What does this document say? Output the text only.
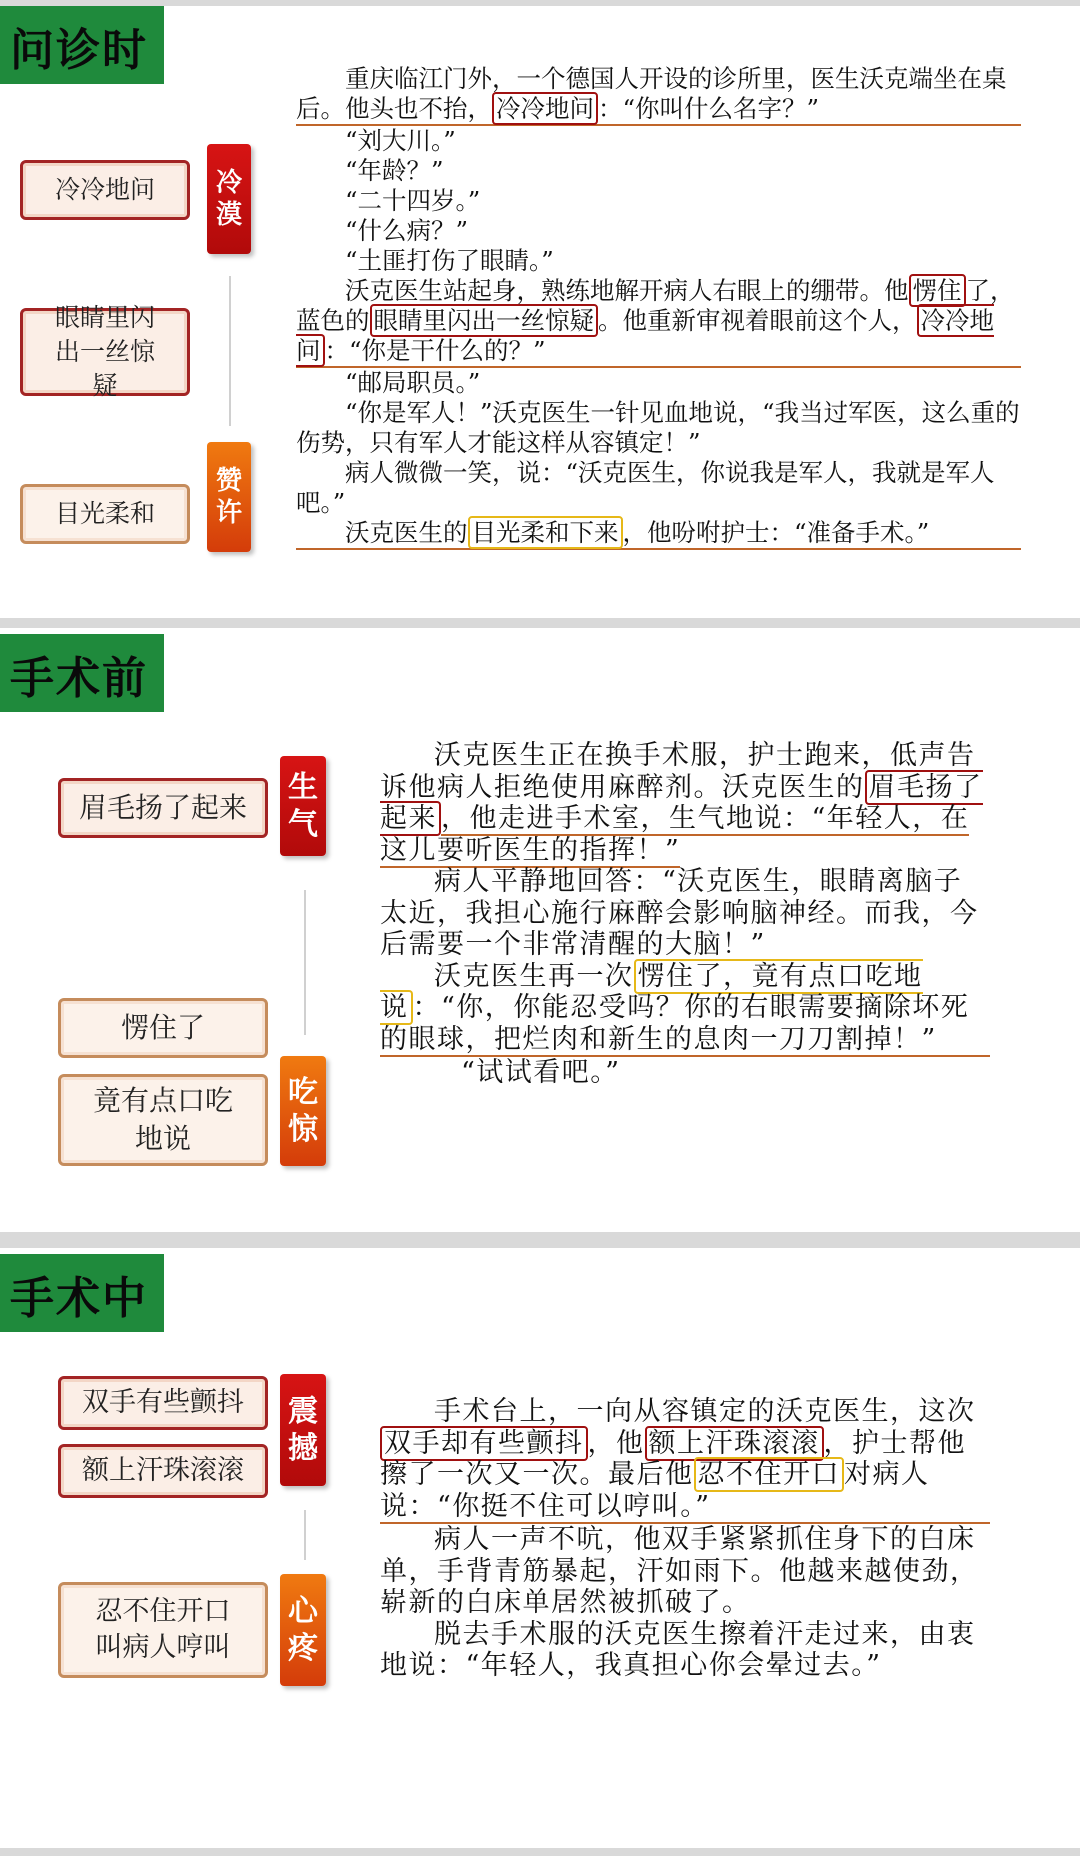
问诊时
冷冷地问
眼睛里闪出一丝惊疑
目光柔和
冷漠
赞许

重庆临江门外，一个德国人开设的诊所里，医生沃克端坐在桌后。他头也不抬， 冷冷地问 ：“你叫什么名字？”

“刘大川。”

“年龄？”

“二十四岁。”

“什么病？”

“土匪打伤了眼睛。”

沃克医生站起身，熟练地解开病人右眼上的绷带。他 愣住 了，蓝色的 眼睛里闪出一丝惊疑 。他重新审视着眼前这个人， 冷冷地问 ：“你是干什么的？”

“邮局职员。”

“你是军人！”沃克医生一针见血地说，“我当过军医，这么重的伤势，只有军人才能这样从容镇定！”

病人微微一笑，说：“沃克医生，你说我是军人，我就是军人吧。”

沃克医生的 目光柔和下来 ，他吩咐护士：“准备手术。”

手术前
眉毛扬了起来
愣住了
竟有点口吃地说
生气
吃惊

沃克医生正在换手术服，护士跑来，低声告诉他病人拒绝使用麻醉剂。沃克医生的 眉毛扬了起来 ，他走进手术室，生气地说：“年轻人，在这儿要听医生的指挥！”

病人平静地回答：“沃克医生，眼睛离脑子太近，我担心施行麻醉会影响脑神经。而我，今后需要一个非常清醒的大脑！”

沃克医生再一次 愣住了，竟有点口吃地说 ：“你，你能忍受吗？你的右眼需要摘除坏死的眼球，把烂肉和新生的息肉一刀刀割掉！”

“试试看吧。”

手术中
双手有些颤抖
额上汗珠滚滚
忍不住开口叫病人哼叫
震撼
心疼

手术台上，一向从容镇定的沃克医生，这次双手却有些颤抖 ，他 额上汗珠滚滚 ，护士帮他擦了一次又一次。最后他 忍不住开口 对病人说：“你挺不住可以哼叫。”

病人一声不吭，他双手紧紧抓住身下的白床单，手背青筋暴起，汗如雨下。他越来越使劲，崭新的白床单居然被抓破了。

脱去手术服的沃克医生擦着汗走过来，由衷地说：“年轻人，我真担心你会晕过去。”
